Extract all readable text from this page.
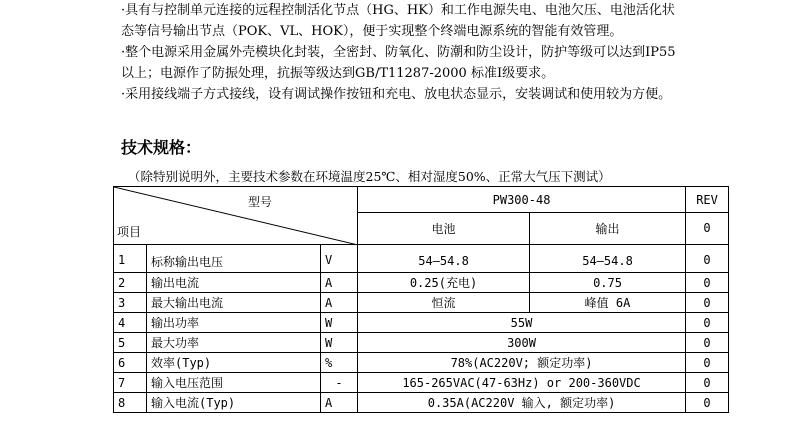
·具有与控制单元连接的远程控制活化节点（HG、HK）和工作电源失电、电池欠压、电池活化状态等信号输出节点（POK、VL、HOK），便于实现整个终端电源系统的智能有效管理。

·整个电源采用金属外壳模块化封装，全密封、防氧化、防潮和防尘设计，防护等级可以达到IP55 以上；电源作了防振处理，抗振等级达到GB/T11287-2000 标准Ⅰ级要求。

·采用接线端子方式接线，设有调试操作按钮和充电、放电状态显示，安装调试和使用较为方便。

技术规格：

（除特别说明外，主要技术参数在环境温度25℃、相对湿度50%、正常大气压下测试）

型号
项目			PW300-48		REV
			电池	输出	0
1	标称输出电压	V	54—54.8	54—54.8	0
2	输出电流	A	0.25(充电)	0.75	0
3	最大输出电流	A	恒流	峰值 6A	0
4	输出功率	W	55W		0
5	最大功率	W	300W		0
6	效率(Typ)	%	78%(AC220V; 额定功率)		0
7	输入电压范围	-	165-265VAC(47-63Hz) or 200-360VDC		0
8	输入电流(Typ)	A	0.35A(AC220V 输入, 额定功率)		0
